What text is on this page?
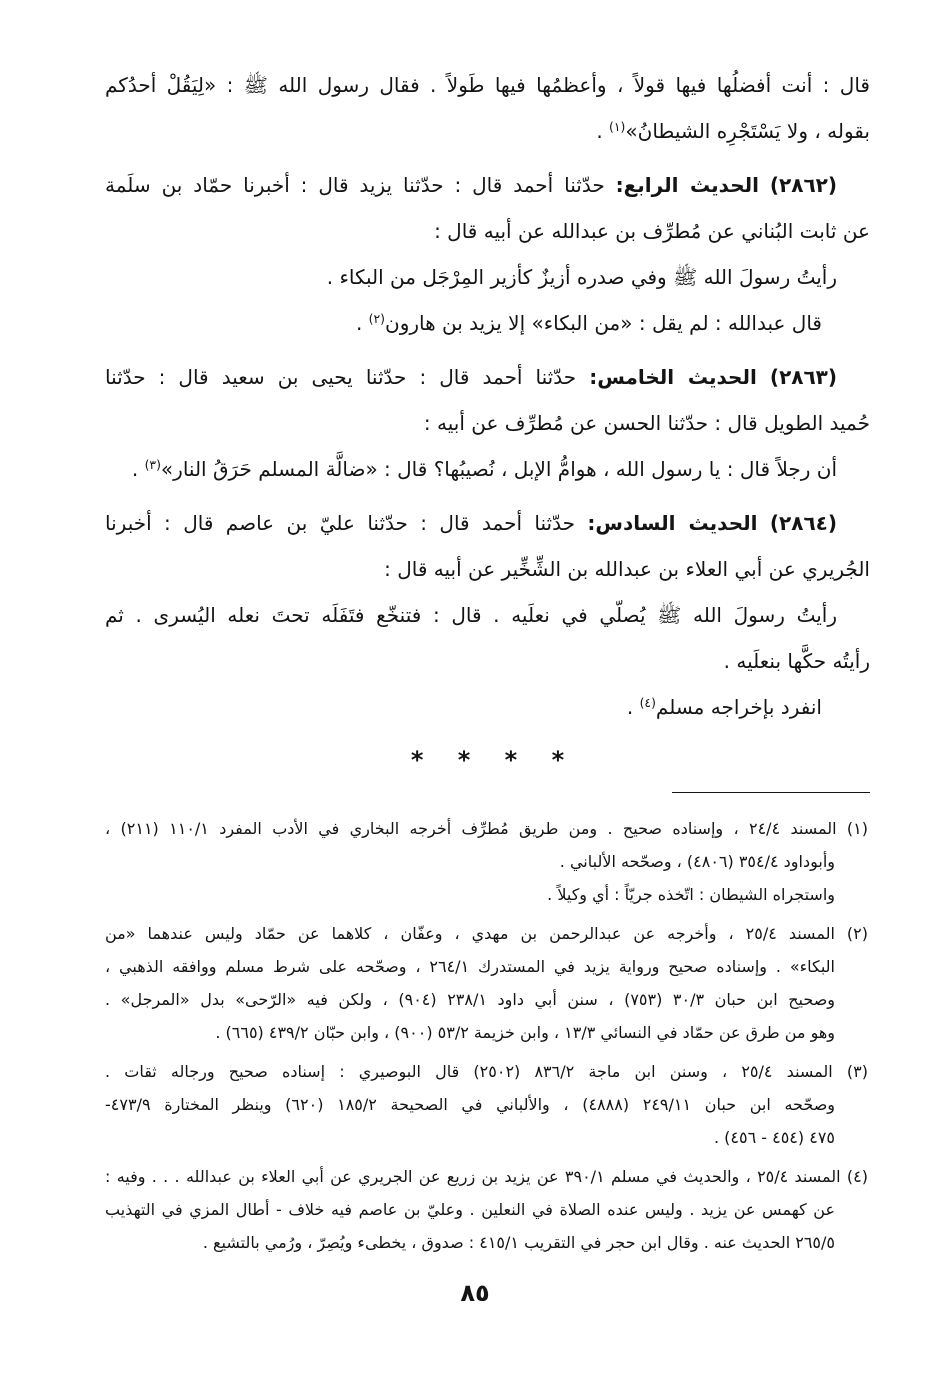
قال : أنت أفضلُها فيها قولاً ، وأعظمُها فيها طَولاً . فقال رسول الله ﷺ : «لِيَقُلْ أحدُكم
بقوله ، ولا يَسْتَجْرِه الشيطانُ»$^{(١)}$ .
(٢٨٦٢) الحديث الرابع: حدّثنا أحمد قال : حدّثنا يزيد قال : أخبرنا حمّاد بن سلَمة
عن ثابت البُناني عن مُطرِّف بن عبدالله عن أبيه قال :
رأيتُ رسولَ الله ﷺ وفي صدره أزيزٌ كأزير المِرْجَل من البكاء .
قال عبدالله : لم يقل : «من البكاء» إلا يزيد بن هارون$^{(٢)}$ .
(٢٨٦٣) الحديث الخامس: حدّثنا أحمد قال : حدّثنا يحيى بن سعيد قال : حدّثنا
حُميد الطويل قال : حدّثنا الحسن عن مُطرِّف عن أبيه :
أن رجلاً قال : يا رسول الله ، هوامُّ الإبل ، نُصيبُها؟ قال : «ضالَّة المسلم حَرَقُ النار»$^{(٣)}$ .
(٢٨٦٤) الحديث السادس: حدّثنا أحمد قال : حدّثنا عليّ بن عاصم قال : أخبرنا
الجُريري عن أبي العلاء بن عبدالله بن الشِّخِّير عن أبيه قال :
رأيتُ رسولَ الله ﷺ يُصلّي في نعلَيه . قال : فتنخّع فتَفَلَه تحتَ نعله اليُسرى . ثم
رأيتُه حكَّها بنعلَيه .
انفرد بإخراجه مسلم$^{(٤)}$ .
* * * *
(١) المسند ٢٤/٤ ، وإسناده صحيح . ومن طريق مُطرِّف أخرجه البخاري في الأدب المفرد ١١٠/١ (٢١١) ،
وأبوداود ٣٥٤/٤ (٤٨٠٦) ، وصحّحه الألباني .
واستجراه الشيطان : اتّخذه جريّاً : أي وكيلاً .
(٢) المسند ٢٥/٤ ، وأخرجه عن عبدالرحمن بن مهدي ، وعفّان ، كلاهما عن حمّاد وليس عندهما «من
البكاء» . وإسناده صحيح ورواية يزيد في المستدرك ٢٦٤/١ ، وصحّحه على شرط مسلم ووافقه الذهبي ،
وصحيح ابن حبان ٣٠/٣ (٧٥٣) ، سنن أبي داود ٢٣٨/١ (٩٠٤) ، ولكن فيه «الرّحى» بدل «المرجل» .
وهو من طرق عن حمّاد في النسائي ١٣/٣ ، وابن خزيمة ٥٣/٢ (٩٠٠) ، وابن حبّان ٤٣٩/٢ (٦٦٥) .
(٣) المسند ٢٥/٤ ، وسنن ابن ماجة ٨٣٦/٢ (٢٥٠٢) قال البوصيري : إسناده صحيح ورجاله ثقات .
وصحّحه ابن حبان ٢٤٩/١١ (٤٨٨٨) ، والألباني في الصحيحة ١٨٥/٢ (٦٢٠) وينظر المختارة ٤٧٣/٩-
٤٧٥ (٤٥٤ - ٤٥٦) .
(٤) المسند ٢٥/٤ ، والحديث في مسلم ٣٩٠/١ عن يزيد بن زريع عن الجريري عن أبي العلاء بن عبدالله . . . وفيه :
عن كهمس عن يزيد . وليس عنده الصلاة في النعلين . وعليّ بن عاصم فيه خلاف - أطال المزي في التهذيب
٢٦٥/٥ الحديث عنه . وقال ابن حجر في التقريب ٤١٥/١ : صدوق ، يخطىء ويُصِرّ ، ورُمي بالتشيع .
٨٥
